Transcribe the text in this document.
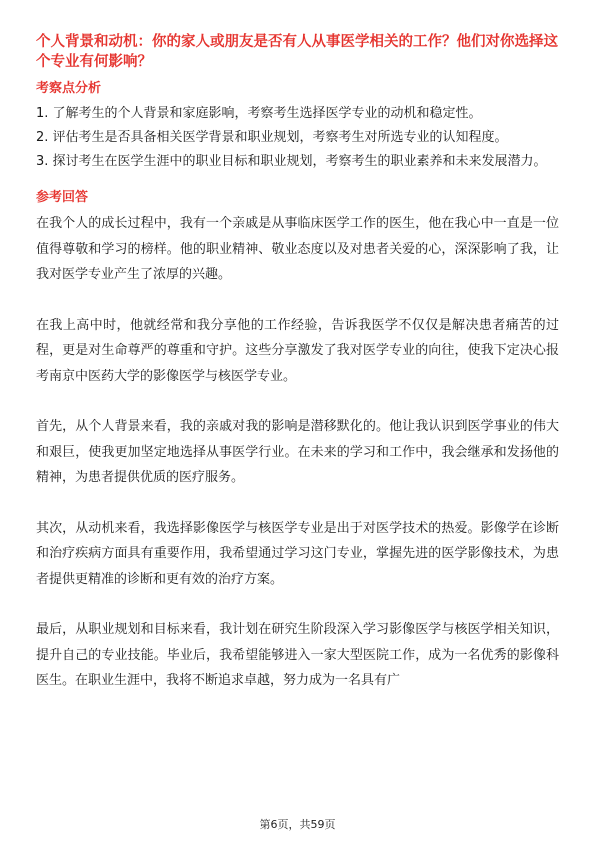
个人背景和动机：你的家人或朋友是否有人从事医学相关的工作？他们对你选择这个专业有何影响？

考察点分析

1. 了解考生的个人背景和家庭影响，考察考生选择医学专业的动机和稳定性。

2. 评估考生是否具备相关医学背景和职业规划，考察考生对所选专业的认知程度。

3. 探讨考生在医学生涯中的职业目标和职业规划，考察考生的职业素养和未来发展潜力。

参考回答

在我个人的成长过程中，我有一个亲戚是从事临床医学工作的医生，他在我心中一直是一位值得尊敬和学习的榜样。他的职业精神、敬业态度以及对患者关爱的心，深深影响了我，让我对医学专业产生了浓厚的兴趣。

在我上高中时，他就经常和我分享他的工作经验，告诉我医学不仅仅是解决患者痛苦的过程，更是对生命尊严的尊重和守护。这些分享激发了我对医学专业的向往，使我下定决心报考南京中医药大学的影像医学与核医学专业。

首先，从个人背景来看，我的亲戚对我的影响是潜移默化的。他让我认识到医学事业的伟大和艰巨，使我更加坚定地选择从事医学行业。在未来的学习和工作中，我会继承和发扬他的精神，为患者提供优质的医疗服务。

其次，从动机来看，我选择影像医学与核医学专业是出于对医学技术的热爱。影像学在诊断和治疗疾病方面具有重要作用，我希望通过学习这门专业，掌握先进的医学影像技术，为患者提供更精准的诊断和更有效的治疗方案。

最后，从职业规划和目标来看，我计划在研究生阶段深入学习影像医学与核医学相关知识，提升自己的专业技能。毕业后，我希望能够进入一家大型医院工作，成为一名优秀的影像科医生。在职业生涯中，我将不断追求卓越，努力成为一名具有广

第6页，共59页
